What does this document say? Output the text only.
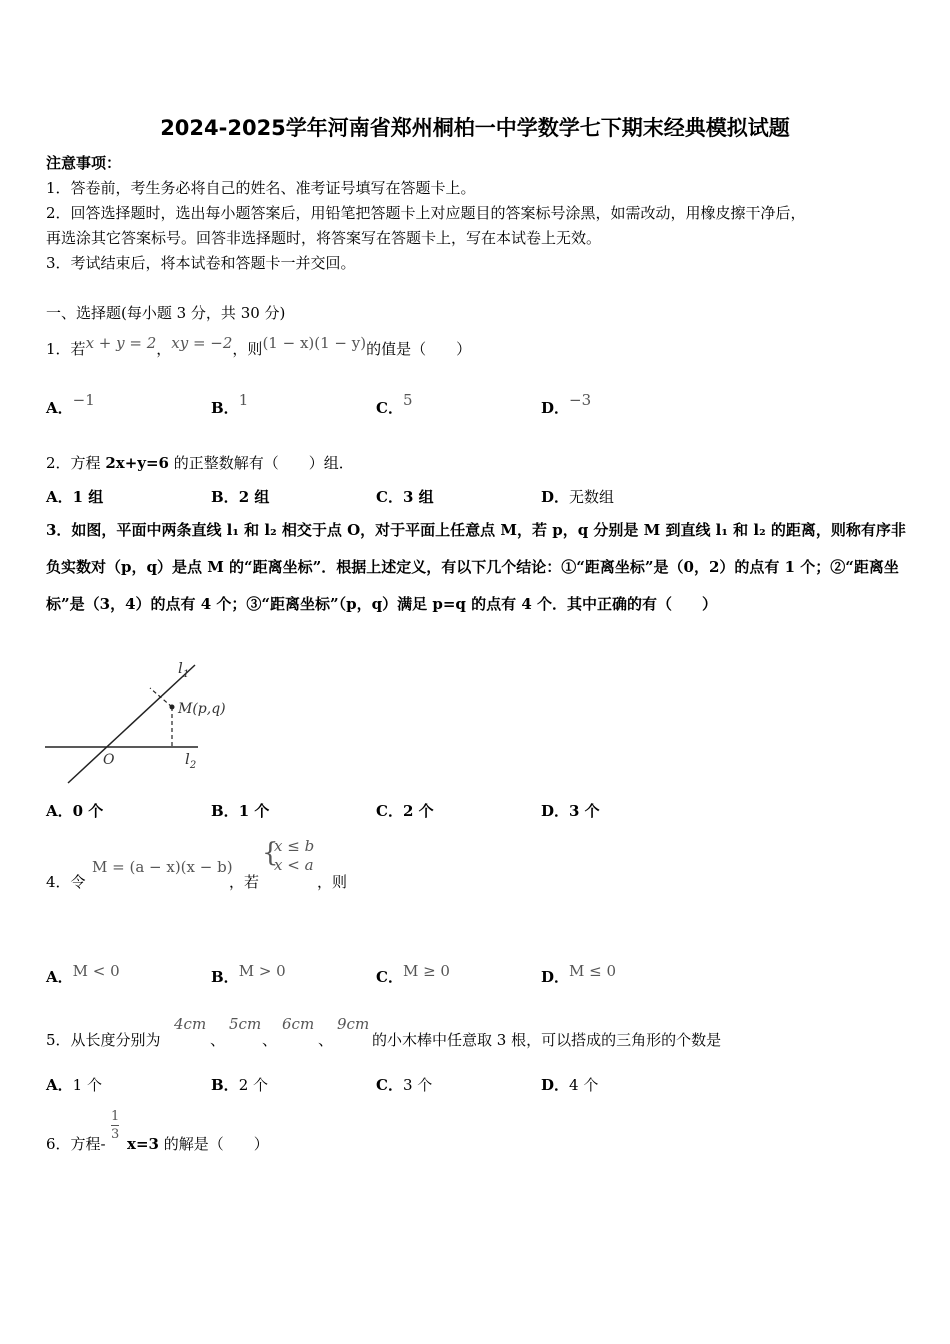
2024-2025学年河南省郑州桐柏一中学数学七下期末经典模拟试题
注意事项：
1．答卷前，考生务必将自己的姓名、准考证号填写在答题卡上。
2．回答选择题时，选出每小题答案后，用铅笔把答题卡上对应题目的答案标号涂黑，如需改动，用橡皮擦干净后，
再选涂其它答案标号。回答非选择题时，将答案写在答题卡上，写在本试卷上无效。
3．考试结束后，将本试卷和答题卡一并交回。
一、选择题(每小题 3 分，共 30 分)
1．若x + y = 2，xy = −2，则(1 − x)(1 − y)的值是（　　）
A．−1	B．1	C．5	D．−3
2．方程 2x+y=6 的正整数解有（　　）组．
A．1 组	B．2 组	C．3 组	D．无数组
3．如图，平面中两条直线 l₁ 和 l₂ 相交于点 O，对于平面上任意点 M，若 p，q 分别是 M 到直线 l₁ 和 l₂ 的距离，则称有序非负实数对（p，q）是点 M 的“距离坐标”．根据上述定义，有以下几个结论：①“距离坐标”是（0，2）的点有 1 个；②“距离坐标”是（3，4）的点有 4 个；③“距离坐标”（p，q）满足 p=q 的点有 4 个．其中正确的有（　　）
$l_1$
M(p,q)
O	$l_2$
A．0 个	B．1 个	C．2 个	D．3 个
4．令
M = (a − x)(x − b)
，若
{
x ≤ b
x < a
，则
A．M < 0	B．M > 0	C．M ≥ 0	D．M ≤ 0
5．从长度分别为
4cm
、
5cm
、
6cm
、
9cm
的小木棒中任意取 3 根，可以搭成的三角形的个数是
A．1 个	B．2 个	C．3 个	D．4 个
6．方程-
$\frac{1}{3}$
x=3 的解是（　　）
